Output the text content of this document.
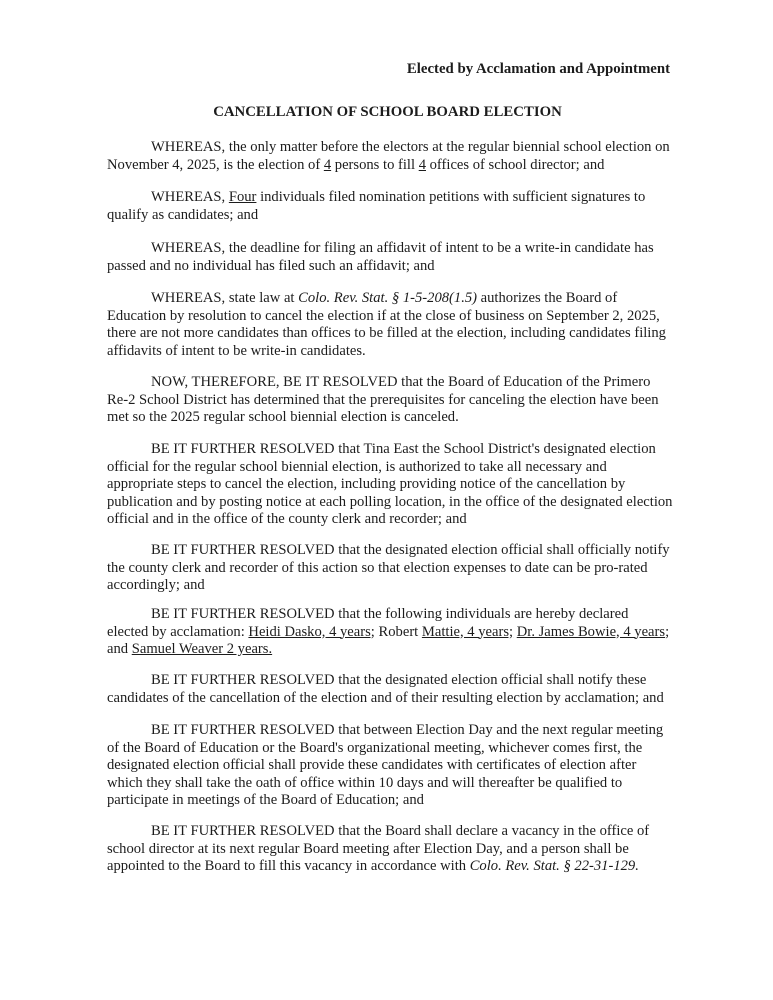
Elected by Acclamation and Appointment
CANCELLATION OF SCHOOL BOARD ELECTION

WHEREAS, the only matter before the electors at the regular biennial school election on November 4, 2025, is the election of 4 persons to fill 4 offices of school director; and

WHEREAS, Four individuals filed nomination petitions with sufficient signatures to qualify as candidates; and

WHEREAS, the deadline for filing an affidavit of intent to be a write-in candidate has passed and no individual has filed such an affidavit; and

WHEREAS, state law at Colo. Rev. Stat. § 1-5-208(1.5) authorizes the Board of Education by resolution to cancel the election if at the close of business on September 2, 2025, there are not more candidates than offices to be filled at the election, including candidates filing affidavits of intent to be write-in candidates.

NOW, THEREFORE, BE IT RESOLVED that the Board of Education of the Primero Re-2 School District has determined that the prerequisites for canceling the election have been met so the 2025 regular school biennial election is canceled.

BE IT FURTHER RESOLVED that Tina East the School District's designated election official for the regular school biennial election, is authorized to take all necessary and appropriate steps to cancel the election, including providing notice of the cancellation by publication and by posting notice at each polling location, in the office of the designated election official and in the office of the county clerk and recorder; and

BE IT FURTHER RESOLVED that the designated election official shall officially notify the county clerk and recorder of this action so that election expenses to date can be pro-rated accordingly; and

BE IT FURTHER RESOLVED that the following individuals are hereby declared elected by acclamation: Heidi Dasko, 4 years; Robert Mattie, 4 years; Dr. James Bowie, 4 years; and Samuel Weaver 2 years.

BE IT FURTHER RESOLVED that the designated election official shall notify these candidates of the cancellation of the election and of their resulting election by acclamation; and

BE IT FURTHER RESOLVED that between Election Day and the next regular meeting of the Board of Education or the Board's organizational meeting, whichever comes first, the designated election official shall provide these candidates with certificates of election after which they shall take the oath of office within 10 days and will thereafter be qualified to participate in meetings of the Board of Education; and

BE IT FURTHER RESOLVED that the Board shall declare a vacancy in the office of school director at its next regular Board meeting after Election Day, and a person shall be appointed to the Board to fill this vacancy in accordance with Colo. Rev. Stat. § 22-31-129.
